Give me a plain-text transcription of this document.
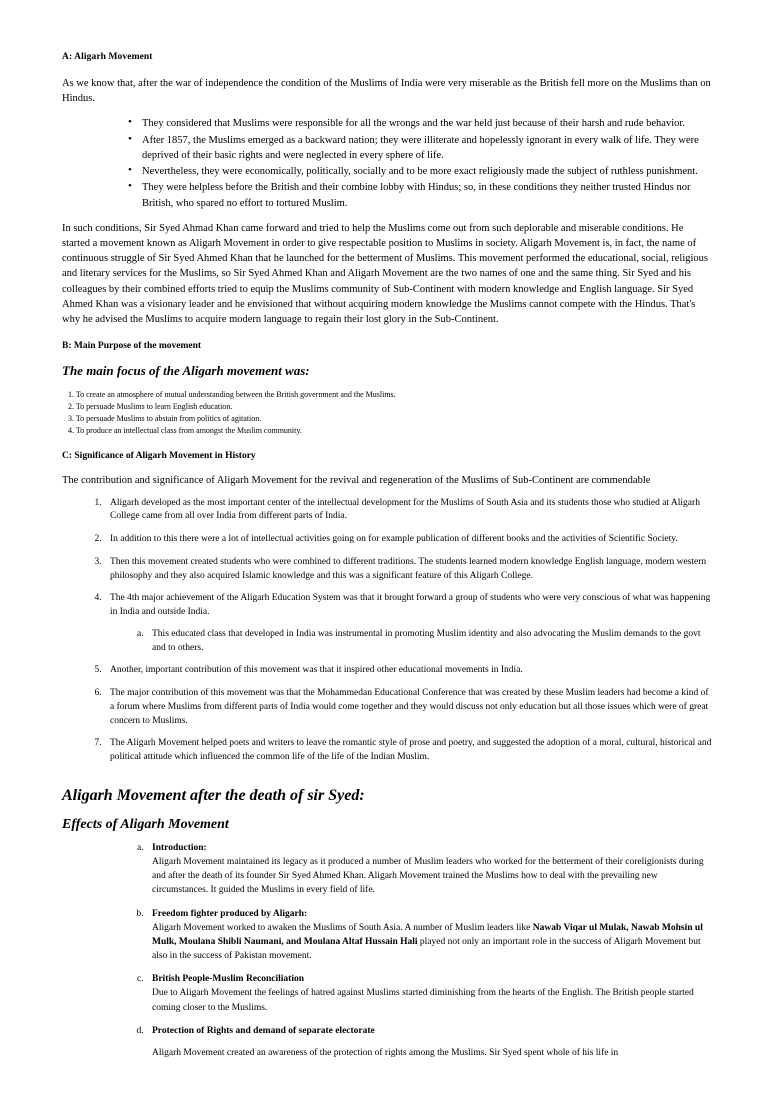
A: Aligarh Movement

As we know that, after the war of independence the condition of the Muslims of India were very miserable as the British fell more on the Muslims than on Hindus.

• They considered that Muslims were responsible for all the wrongs and the war held just because of their harsh and rude behavior.
• After 1857, the Muslims emerged as a backward nation; they were illiterate and hopelessly ignorant in every walk of life. They were deprived of their basic rights and were neglected in every sphere of life.
• Nevertheless, they were economically, politically, socially and to be more exact religiously made the subject of ruthless punishment.
• They were helpless before the British and their combine lobby with Hindus; so, in these conditions they neither trusted Hindus nor British, who spared no effort to tortured Muslim.

In such conditions, Sir Syed Ahmad Khan came forward and tried to help the Muslims come out from such deplorable and miserable conditions. He started a movement known as Aligarh Movement in order to give respectable position to Muslims in society. Aligarh Movement is, in fact, the name of continuous struggle of Sir Syed Ahmed Khan that he launched for the betterment of Muslims. This movement performed the educational, social, religious and literary services for the Muslims, so Sir Syed Ahmed Khan and Aligarh Movement are the two names of one and the same thing. Sir Syed and his colleagues by their combined efforts tried to equip the Muslims community of Sub-Continent with modern knowledge and English language. Sir Syed Ahmed Khan was a visionary leader and he envisioned that without acquiring modern knowledge the Muslims cannot compete with the Hindus. That's why he advised the Muslims to acquire modern language to regain their lost glory in the Sub-Continent.

B: Main Purpose of the movement
The main focus of the Aligarh movement was:
1. To create an atmosphere of mutual understanding between the British government and the Muslims.
2. To persuade Muslims to learn English education.
3. To persuade Muslims to abstain from politics of agitation.
4. To produce an intellectual class from amongst the Muslim community.
C: Significance of Aligarh Movement in History

The contribution and significance of Aligarh Movement for the revival and regeneration of the Muslims of Sub-Continent are commendable

1. Aligarh developed as the most important center of the intellectual development for the Muslims of South Asia and its students those who studied at Aligarh College came from all over India from different parts of India.
2. In addition to this there were a lot of intellectual activities going on for example publication of different books and the activities of Scientific Society.
3. Then this movement created students who were combined to different traditions. The students learned modern knowledge English language, modern western philosophy and they also acquired Islamic knowledge and this was a significant feature of this Aligarh College.
4. The 4th major achievement of the Aligarh Education System was that it brought forward a group of students who were very conscious of what was happening in India and outside India.
a. This educated class that developed in India was instrumental in promoting Muslim identity and also advocating the Muslim demands to the govt and to others.
5. Another, important contribution of this movement was that it inspired other educational movements in India.
6. The major contribution of this movement was that the Mohammedan Educational Conference that was created by these Muslim leaders had become a kind of a forum where Muslims from different parts of India would come together and they would discuss not only education but all those issues which were of great concern to Muslims.
7. The Aligarh Movement helped poets and writers to leave the romantic style of prose and poetry, and suggested the adoption of a moral, cultural, historical and political attitude which influenced the common life of the life of the Indian Muslim.
Aligarh Movement after the death of sir Syed:
Effects of Aligarh Movement
a. Introduction:
Aligarh Movement maintained its legacy as it produced a number of Muslim leaders who worked for the betterment of their coreligionists during and after the death of its founder Sir Syed Ahmed Khan. Aligarh Movement trained the Muslims how to deal with the prevailing new circumstances. It guided the Muslims in every field of life.
b. Freedom fighter produced by Aligarh:
Aligarh Movement worked to awaken the Muslims of South Asia. A number of Muslim leaders like Nawab Viqar ul Mulak, Nawab Mohsin ul Mulk, Moulana Shibli Naumani, and Moulana Altaf Hussain Hali played not only an important role in the success of Aligarh Movement but also in the success of Pakistan movement.
c. British People-Muslim Reconciliation
Due to Aligarh Movement the feelings of hatred against Muslims started diminishing from the hearts of the English. The British people started coming closer to the Muslims.
d. Protection of Rights and demand of separate electorate
Aligarh Movement created an awareness of the protection of rights among the Muslims. Sir Syed spent whole of his life in
